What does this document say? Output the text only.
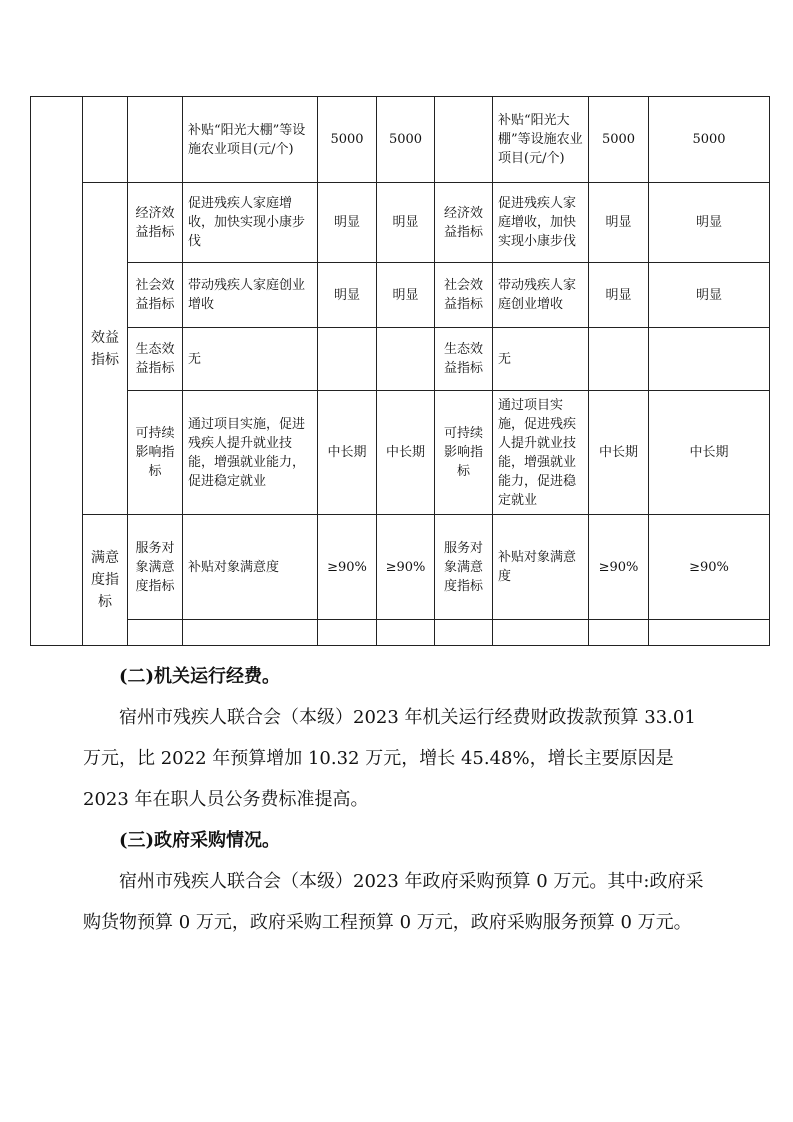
			补贴“阳光大棚”等设施农业项目(元/个)	5000	5000		补贴“阳光大棚”等设施农业项目(元/个)	5000	5000
	效益指标	经济效益指标	促进残疾人家庭增收，加快实现小康步伐	明显	明显	经济效益指标	促进残疾人家庭增收，加快实现小康步伐	明显	明显
		社会效益指标	带动残疾人家庭创业增收	明显	明显	社会效益指标	带动残疾人家庭创业增收	明显	明显
		生态效益指标	无			生态效益指标	无		
		可持续影响指标	通过项目实施，促进残疾人提升就业技能，增强就业能力，促进稳定就业	中长期	中长期	可持续影响指标	通过项目实施，促进残疾人提升就业技能，增强就业能力，促进稳定就业	中长期	中长期
	满意度指标	服务对象满意度指标	补贴对象满意度	≥90%	≥90%	服务对象满意度指标	补贴对象满意度	≥90%	≥90%

(二)机关运行经费。

宿州市残疾人联合会（本级）2023 年机关运行经费财政拨款预算 33.01 万元，比 2022 年预算增加 10.32 万元，增长 45.48%，增长主要原因是 2023 年在职人员公务费标准提高。

(三)政府采购情况。

宿州市残疾人联合会（本级）2023 年政府采购预算 0 万元。其中:政府采购货物预算 0 万元，政府采购工程预算 0 万元，政府采购服务预算 0 万元。
